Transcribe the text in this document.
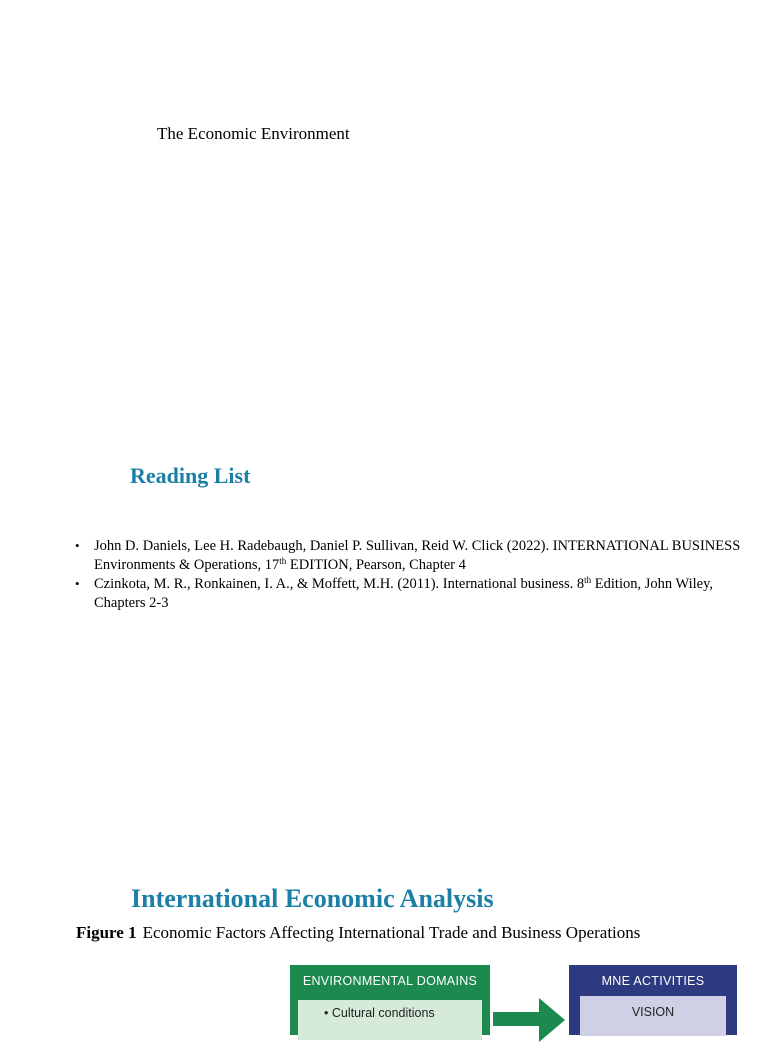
The Economic Environment
Reading List
• John D. Daniels, Lee H. Radebaugh, Daniel P. Sullivan, Reid W. Click (2022). INTERNATIONAL BUSINESS Environments & Operations, 17th EDITION, Pearson, Chapter 4
• Czinkota, M. R., Ronkainen, I. A., & Moffett, M.H. (2011). International business. 8th Edition, John Wiley, Chapters 2-3
International Economic Analysis
Figure 1 Economic Factors Affecting International Trade and Business Operations
ENVIRONMENTAL DOMAINS
• Cultural conditions
MNE ACTIVITIES
VISION
